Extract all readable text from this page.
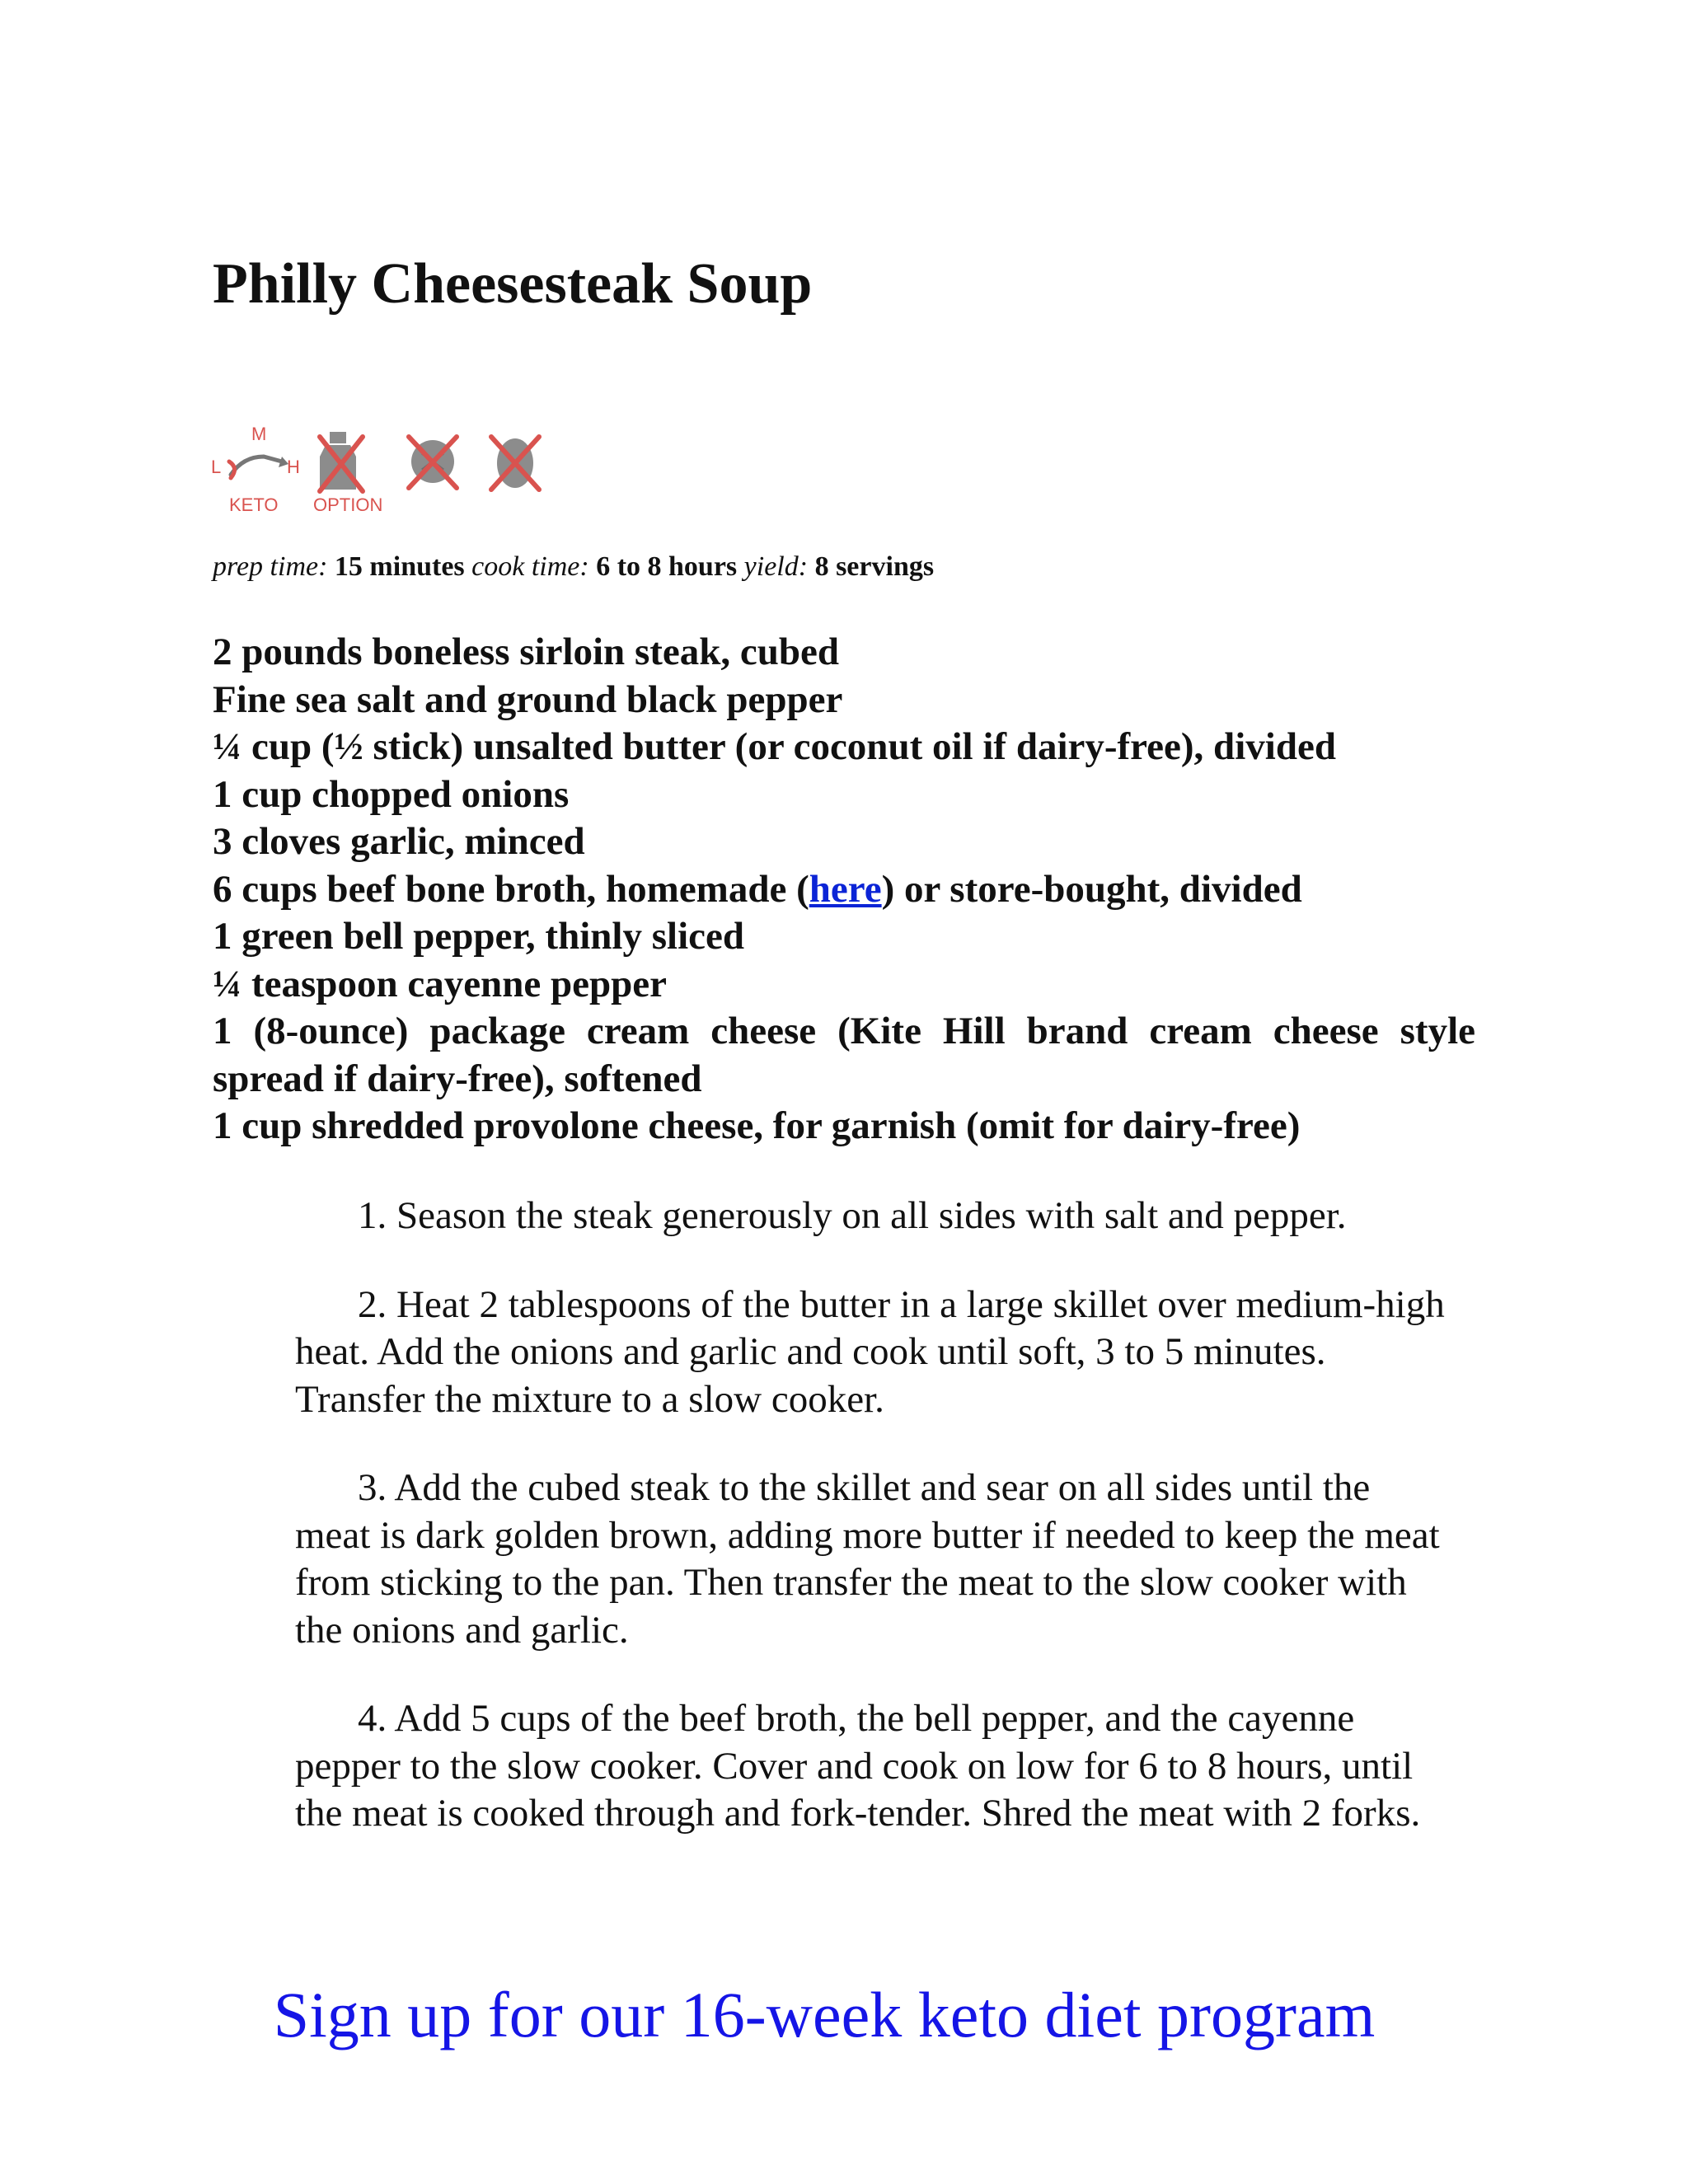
Philly Cheesesteak Soup
M
L	H
KETO OPTION
prep time: 15 minutes cook time: 6 to 8 hours yield: 8 servings
2 pounds boneless sirloin steak, cubed
Fine sea salt and ground black pepper
¼ cup (½ stick) unsalted butter (or coconut oil if dairy-free), divided
1 cup chopped onions
3 cloves garlic, minced
6 cups beef bone broth, homemade (here) or store-bought, divided
1 green bell pepper, thinly sliced
¼ teaspoon cayenne pepper
1 (8-ounce) package cream cheese (Kite Hill brand cream cheese style spread if dairy-free), softened
1 cup shredded provolone cheese, for garnish (omit for dairy-free)

1. Season the steak generously on all sides with salt and pepper.

2. Heat 2 tablespoons of the butter in a large skillet over medium-high heat. Add the onions and garlic and cook until soft, 3 to 5 minutes. Transfer the mixture to a slow cooker.

3. Add the cubed steak to the skillet and sear on all sides until the meat is dark golden brown, adding more butter if needed to keep the meat from sticking to the pan. Then transfer the meat to the slow cooker with the onions and garlic.

4. Add 5 cups of the beef broth, the bell pepper, and the cayenne pepper to the slow cooker. Cover and cook on low for 6 to 8 hours, until the meat is cooked through and fork-tender. Shred the meat with 2 forks.

Sign up for our 16-week keto diet program
